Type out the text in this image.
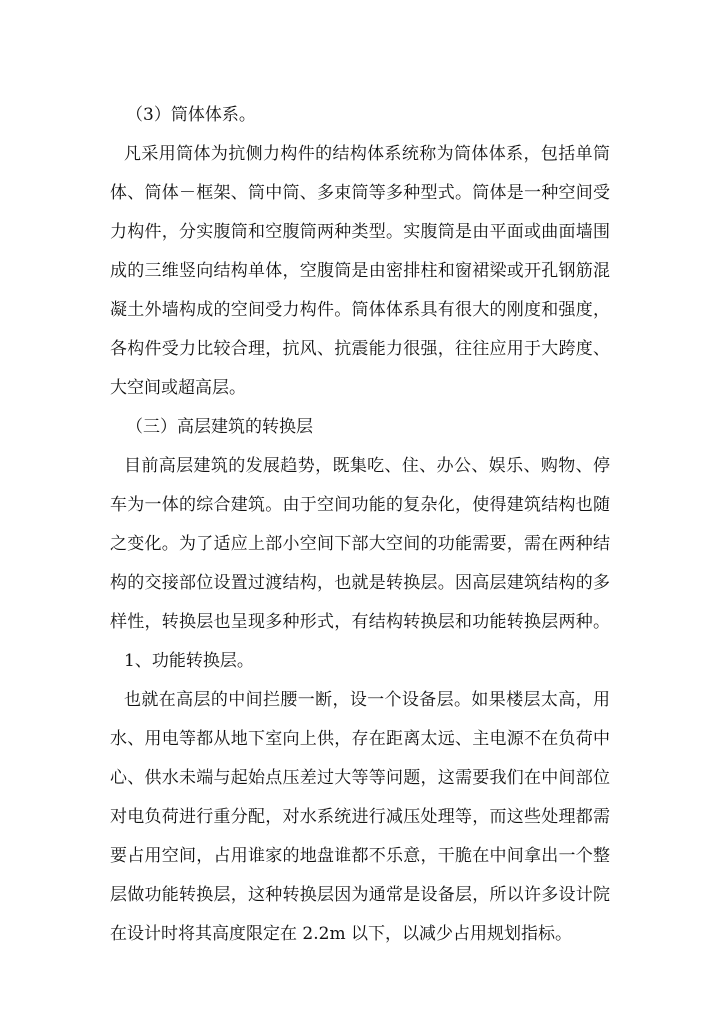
（3）筒体体系。
凡采用筒体为抗侧力构件的结构体系统称为筒体体系，包括单筒
体、筒体－框架、筒中筒、多束筒等多种型式。筒体是一种空间受
力构件，分实腹筒和空腹筒两种类型。实腹筒是由平面或曲面墙围
成的三维竖向结构单体，空腹筒是由密排柱和窗裙梁或开孔钢筋混
凝土外墙构成的空间受力构件。筒体体系具有很大的刚度和强度，
各构件受力比较合理，抗风、抗震能力很强，往往应用于大跨度、
大空间或超高层。
（三）高层建筑的转换层
目前高层建筑的发展趋势，既集吃、住、办公、娱乐、购物、停
车为一体的综合建筑。由于空间功能的复杂化，使得建筑结构也随
之变化。为了适应上部小空间下部大空间的功能需要，需在两种结
构的交接部位设置过渡结构，也就是转换层。因高层建筑结构的多
样性，转换层也呈现多种形式，有结构转换层和功能转换层两种。
1、功能转换层。
也就在高层的中间拦腰一断，设一个设备层。如果楼层太高，用
水、用电等都从地下室向上供，存在距离太远、主电源不在负荷中
心、供水未端与起始点压差过大等等问题，这需要我们在中间部位
对电负荷进行重分配，对水系统进行减压处理等，而这些处理都需
要占用空间，占用谁家的地盘谁都不乐意，干脆在中间拿出一个整
层做功能转换层，这种转换层因为通常是设备层，所以许多设计院
在设计时将其高度限定在 2.2m 以下，以减少占用规划指标。
